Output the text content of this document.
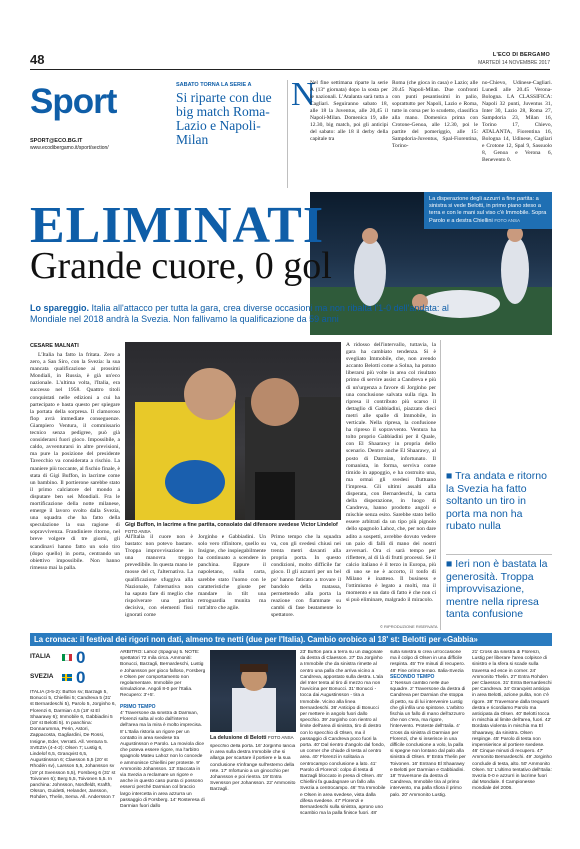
48	L'ECO DI BERGAMO
MARTEDÌ 14 NOVEMBRE 2017
Sport
SPORT@ECO.BG.IT
www.ecodibergamo.it/sport/section/
SABATO TORNA LA SERIE A
Si riparte con due big match Roma-Lazio e Napoli-Milan
N
Nel fine settimana riparte la serie A (13ª giornata) dopo la sosta per le nazionali. L'Atalanta sarà tutta a Cagliari. Seguiranno sabato 18, alle 18 la Juventus, alle 20,45 il Napoli-Milan. Domenica 19, alle 12.30, big match, poi gli anticipi del sabato: alle 18 il derby della capitale tra
Roma (che gioca in casa) e Lazio; alle 20.45 Napoli-Milan. Due confronti con punti pesantissimi in palio, soprattutto per Napoli, Lazio e Roma, tutte in corsa per lo scudetto, classifica alla mano. Domenica prima con Crotone-Genoa, alle 12.30, poi le partite del pomeriggio, alle 15: Sampdoria-Juventus, Spal-Fiorentina, Torino-
no-Chievo, Udinese-Cagliari. Lunedì alle 20.45 Verona-Bologna. LA CLASSIFICA: Napoli 32 punti, Juventus 31, Inter 30, Lazio 28, Roma 27, Sampdoria 23, Milan 16, Torino 17, Chievo, ATALANTA, Fiorentina 16, Bologna 14, Udinese, Cagliari e Crotone 12, Spal 9, Sassuolo 8, Genoa e Verona 6, Benevento 0.
La disperazione degli azzurri a fine partita: a sinistra si vede Belotti, in primo piano steso a terra e con le mani sul viso c'è Immobile. Sopra Parolo e a destra Chiellini FOTO ANSA
ELIMINATI
Grande cuore, 0 gol
Lo spareggio. Italia all'attacco per tutta la gara, crea diverse occasioni ma non ribalta l'1-0 dell'andata: al Mondiale nel 2018 andrà la Svezia. Non fallivamo la qualificazione da 59 anni
CESARE MALNATI
L'Italia ha fatto la fritata. Zero a zero, a San Siro, con la Svezia: la sua mancata qualificazione ai prossimi Mondiali, in Russia, è già un'eco nazionale. L'ultima volta, l'Italia, era successo nel 1958. Quattro titoli conquistati nelle edizioni a cui ha partecipato e basta questo per spiegare la portata della sorpresa. Il clamoroso flop avrà immediate conseguenze. Giampiero Ventura, il commissario tecnico senza pedigree, può già considerarsi fuori gioco. Impossibile, a caldo, avventurarsi in altre previsioni, ma pure la posizione del presidente Tavecchio va considerata a rischio. La maniere più toccante, al fischio finale, è stata di Gigi Buffon, in lacrime come un bambino. Il portierone sarebbe stato il primo calciatore del mondo a disputare ben sei Mondiali. Fra le mortificazione della notte milanese, emerge il lavoro svolto dalla Svezia, una squadra che ha fatto della speculazione la sua ragione di sopravvivenza. Frandiniere ritorno, nel breve volgere di tre giorni, gli scandinavi hanno fatto un solo tiro (dopo quello) in porta, centrando un obiettivo impossibile. Non hanno rimesso mai la palla.
Gigi Buffon, in lacrime a fine partita, consolato dal difensore svedese Victor Lindelof FOTO ANSA
All'Italia il cuore non è bastato: non potevo bastare. Troppa improvvisazione in una manovra troppo prevedibile. In questa mano le mosse del ct, l'alternativa. La qualificazione sfuggiva alla Nazionale, l'alternativa non ha saputo fare di meglio che rispolverare una partita decisiva, con elementi fissi ignorati come
Jorginho e Gabbiadini. Un solo vero rifinitore, quello su Insigne, che inspiegabilmente ha continuato a scendere in panchina. Eppure il napoletano, sulla carta, sarebbe stato l'uomo con le caratteristiche giuste per mandare in tilt una retroguardia munita ma tutt'altro che agile.
Primo tempo che la squadra va, con gli svedesi chiusi nei trenta metri davanti alla propria porta. In questo condizioni, molto difficile far gioco. Il gli azzurri per un bel po' hanno faticato a trovare il bandolo della matassa, permettendo alla porta la reazione con fiammate su cambi di fase beatamente lo spettatore.
A ridosso dell'intervallo, tuttavia, la gara ha cambiato tendenza. Si è svegliato Immobile, che, non avendo accanto Belotti come a Solna, ha potuto liberarsi più volte in area col risultato primo di servire assist a Candreva e più di un'urgenza a favore di Jorginho per una conclusione salvata sulla riga. In ripresa il contributo più scarso il dettaglio di Gabbiadini, piazzato dieci metri alle spalle di Immobile, in verticale. Nella ripresa, la confusione ha ripreso il sopravvento. Ventura ha tolto proprio Gabbiadini per il Quale, con El Shaarawy in propria dello scenario. Dentro anche El Shaarawy, al posto di Darmian, infortunato. Il romanista, in forma, serviva come timido in appoggio, e ha costruito una, ma ormai gli svedesi fluttuano l'impresa. Gli ultimi assalti alla disperata, con Bernardeschi, la carta della disperazione, in luogo di Candreva, hanno prodotto angoli e mischie senza esito. Sarebbe stato bello essere arbitrati da un tipo più pignolo dello spagnolo Lahoz, che, per non dare adito a sospetti, avrebbe dovuto vedere un paio di falli di mano dei nostri avversari. Ora ci sarà tempo per riflettere, al di là di frutti processi. Se il calcio italiano è il terzo in Europa, più di uno se ne è accorto, il tonfo di Milano è inatteso. Il business e l'ottimismo è legato a molti, ma il momento e un dato di fatto è che non ci si può eliminare, malgrado il miracolo.
© RIPRODUZIONE RISERVATA
■ Tra andata e ritorno la Svezia ha fatto soltanto un tiro in porta ma non ha rubato nulla
■ Ieri non è bastata la generosità. Troppa improvvisazione, mentre nella ripresa tanta confusione
La cronaca: il festival dei rigori non dati, almeno tre netti (due per l'Italia). Cambio orobico al 18' st: Belotti per «Gabbia»
ITALIA 0
SVEZIA 0
ITALIA (3-5-2): Buffon sv; Barzagli 5, Bonucci 5, Chiellini 5; Candreva 5 (31' st Bernardeschi 5), Parolo 5, Jorginho 6, Florenzi 6, Darmian 4,5 (18' st El Shaarawy 6); Immobile 6, Gabbiadini 5 (18' st Belotti 5). In panchina: Donnarumma, Perin, Astori, Zappacosta, Gagliardini, De Rossi, Insigne, Eder, Verratti. All. Ventura 5. SVEZIA (4-4-2): Olsen 7; Lustig 6, Lindelof 6,5, Granqvist 6,5, Augustinsson 6; Claesson 5,5 (20' st Rhodén sv), Larsson 5,5, Johansson sv (19' pt Svensson 5,5), Forsberg 6 (31' st Toivonen 6); Berg 5,5, Toivonen 5,5. In panchina: Johnsson, Nordfeldt, Krafth, Olsson, Guidetti, Helander, Jansson, Rohden, Thelin, Sema. All. Andersson 7
ARBITRO: Lahoz (Spagna) 5. NOTE: spettatori 72 mila circa. Ammoniti: Bonucci, Barzagli, Bernardeschi, Lustig e Johansson per gioco falloso, Forsberg e Olsen per comportamento non regolamentare. Immobile per simulazione. Angoli 8-0 per l'Italia. Recupero: 3'+5'.
PRIMO TEMPO
4' Traversone da sinistra di Darmian, Florenzi salta al volo dall'interno dell'area ma la mira è molto imprecisa. 8' L'Italia ristoria un rigore per un contatto in area svedese tra Augustinsson e Parolo. La moviola dice che poteva essere rigore, ma l'arbitro spagnolo Mateu Lahoz non lo concede e ammonisce Chiellini per proteste. 9' Ammonito Johansson. 13' Staccata in via Svezia a reclamare un rigore e anche in questo caso punta ci possono esserci perché Darmian col braccio largo intercetta in area azzurra un passaggio di Forsberg. 14' Rosteresa di Darmian fuori dallo
La delusione di Belotti FOTO ANSA
specchio della porta. 16' Jorginho lancia in area sulla destra Immobile che si allarga per scartare il portiere e la sua conclusione s'infrange sull'esterno della rete. 17' Infortunio a un ginocchio per Johansson e poi rientra. 19' Entra Svensson per Johansson. 22' Ammonito Barzagli.
23' Buffon para a terra su un diagonale da destra di Claesson. 27' Da Jorginho a Immobile che da sinistra rimette al centro una palla che arriva vicino a Candreva, appostato sulla destra. L'ala del Inter tenta al tiro di mezzo ma non l'avvicina per Bonucci. 31' Bonucci - tocca dai Augustinsson - tira a Immobile. Vicino alla linea Bernardeschi. 36' Anticipo di Bonucci per mettere in angolo fuori dallo specchio. 39' Jorginho con rientro al limite dell'area di sinistra, tiro di destro con lo specchio di Olsen, ma il passaggio di Candreva poco fuori la porta. 40' Dal rientro d'angolo dal fondo, un corner che chiude di testa al centro area. 40' Florenzi in solitaria a centrocampo conclusione a lato. 41' Parolo di Florenzi: colpo di testa di Barzagli bloccato in presa di Olsen. 45' Chiellini fa guadagnare un fallo alla Svezia a centrocampo. 46' Tra Immobile e Olsen in area svedese, vista dalla difesa svedese. 47' Florenzi e Bernardeschi sulla sinistra, aprono uno scambio ma la palla finisce fuori. 48'
sulla sinistra si crea un'occasione ma il colpo di Olsen in una difficile respinta. 45' Tre minuti di recupero. 48' Fine primo tempo, Italia-Svezia
SECONDO TEMPO
1' Nessun cambio nelle due squadre. 2' Traversone da destra di Candreva per Darmian che stoppa di petto, su di lui intervenire Lustig che gli infila uno spintone. L'arbitro fischia un fallo di mano dell'azzurro che non c'era, ma rigore, l'intervento. Proteste dell'Italia. 4' Cross da sinistra di Darmian per Florenzi, che si inserisce in una difficile conclusione a volo, la palla si spegne non lontano dal palo alla sinistra di Olsen. 9' Entra Thelin per Toivonen. 16' Entrano El Shaarawy e Belotti per Darmian e Gabbiadini. 18' Traversone da destra di Candreva, Immobile tira al primo intervento, ma palla sfiora il primo palo. 20' Ammonito Lustig.
21' Cross da sinistra di Florenzi, Lustig per liberare l'area colpisce di sinistro e la sfera si scade sulla traversa ed esce in corner. 24' Ammonito Thelin. 27' Entra Rohden per Claesson. 31' Entra Bernardeschi per Candreva. 34' Granqvist anticipa in area Belotti, azione pulita, non c'è rigore. 38' Traversone dalla trequarti destra e ricordiamo Parolo ma anticipata da Olsen. 40' Belotti tocca in mischia al limite dell'area, fuori. 42' Bordata violenta in mischia ma El Shaarawy, da sinistra. Olsen respinge. 45' Parolo di testa non impensierisce al portiere svedese. 46' Cinque minuti di recupero. 47' Ammonito Bernardeschi. 49' Jorginho conclude di testa, alto. 50' Ammonito Olsen. 51' L'ultimo tentativo dell'Italia: Svezia 0-0 e azzurri in lacrime fuori dal Mondiale. Il Campionesse mondiale del 2006.
